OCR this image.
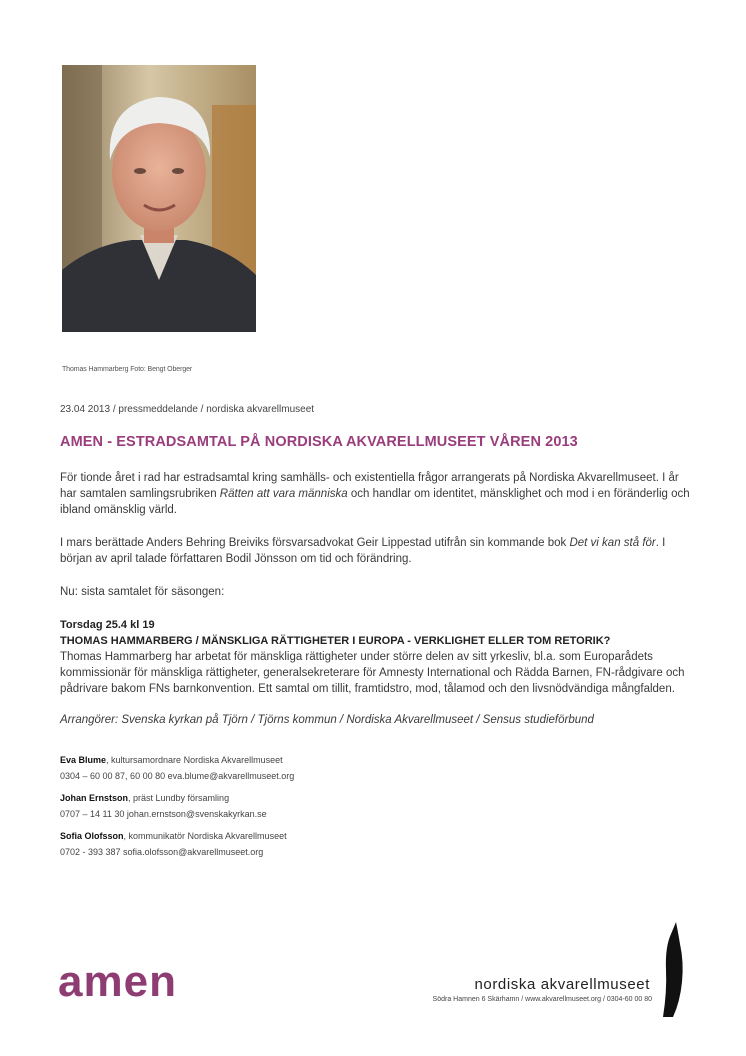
Thomas Hammarberg Foto: Bengt Oberger
23.04 2013 / pressmeddelande / nordiska akvarellmuseet
AMEN - ESTRADSAMTAL PÅ NORDISKA AKVARELLMUSEET VÅREN 2013

För tionde året i rad har estradsamtal kring samhälls- och existentiella frågor arrangerats på Nordiska Akvarellmuseet. I år har samtalen samlingsrubriken Rätten att vara människa och handlar om identitet, mänsklighet och mod i en föränderlig och ibland omänsklig värld.

I mars berättade Anders Behring Breiviks försvarsadvokat Geir Lippestad utifrån sin kommande bok Det vi kan stå för. I början av april talade författaren Bodil Jönsson om tid och förändring.

Nu: sista samtalet för säsongen:

Torsdag 25.4 kl 19
THOMAS HAMMARBERG / MÄNSKLIGA RÄTTIGHETER I EUROPA - VERKLIGHET ELLER TOM RETORIK?

Thomas Hammarberg har arbetat för mänskliga rättigheter under större delen av sitt yrkesliv, bl.a. som Europarådets kommissionär för mänskliga rättigheter, generalsekreterare för Amnesty International och Rädda Barnen, FN-rådgivare och pådrivare bakom FNs barnkonvention. Ett samtal om tillit, framtidstro, mod, tålamod och den livsnödvändiga mångfalden.

Arrangörer: Svenska kyrkan på Tjörn / Tjörns kommun / Nordiska Akvarellmuseet / Sensus studieförbund
Eva Blume, kultursamordnare Nordiska Akvarellmuseet
0304 – 60 00 87, 60 00 80 eva.blume@akvarellmuseet.org
Johan Ernstson, präst Lundby församling
0707 – 14 11 30 johan.ernstson@svenskakyrkan.se
Sofia Olofsson, kommunikatör Nordiska Akvarellmuseet
0702 - 393 387 sofia.olofsson@akvarellmuseet.org
amen	nordiska akvarellmuseet
Södra Hamnen 6 Skärhamn / www.akvarellmuseet.org / 0304-60 00 80
